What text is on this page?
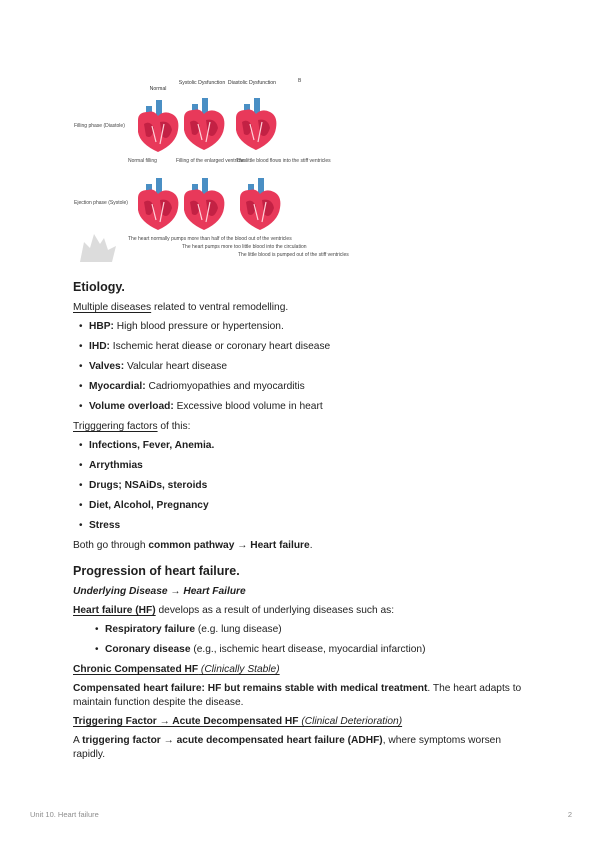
Normal
Systolic Dysfunction Diastolic Dysfunction	B
Filling phase (Diastole)
Ejection phase (Systole)
Normal filling	Filling of the enlarged ventricles
The little blood flows into the stiff ventricles
The heart normally pumps more than half of the blood out of the ventricles
The heart pumps more too little blood into the circulation
The little blood is pumped out of the stiff ventricles
Etiology.
Multiple diseases related to ventral remodelling.
• HBP: High blood pressure or hypertension.
• IHD: Ischemic herat diease or coronary heart disease
• Valves: Valcular heart disease
• Myocardial: Cadriomyopathies and myocarditis
• Volume overload: Excessive blood volume in heart
Trigggering factors of this:
• Infections, Fever, Anemia.
• Arrythmias
• Drugs; NSAiDs, steroids
• Diet, Alcohol, Pregnancy
• Stress
Both go through common pathway → Heart failure.
Progression of heart failure.
Underlying Disease → Heart Failure
Heart failure (HF) develops as a result of underlying diseases such as:
• Respiratory failure (e.g. lung disease)
• Coronary disease (e.g., ischemic heart disease, myocardial infarction)
Chronic Compensated HF (Clinically Stable)
Compensated heart failure: HF but remains stable with medical treatment. The heart adapts to maintain function despite the disease.
Triggering Factor → Acute Decompensated HF (Clinical Deterioration)
A triggering factor → acute decompensated heart failure (ADHF), where symptoms worsen rapidly.
Unit 10. Heart failure	2
